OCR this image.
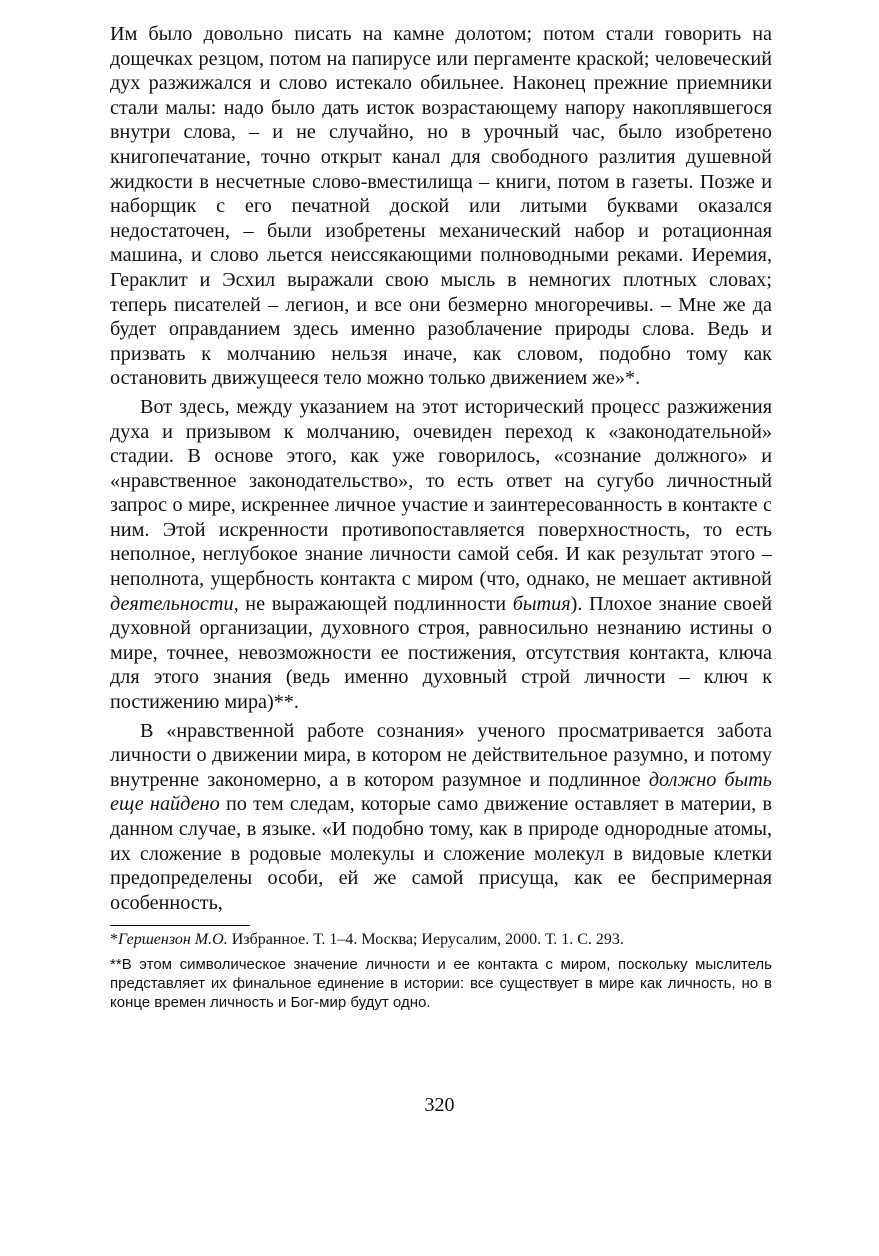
Им было довольно писать на камне долотом; потом стали говорить на дощечках резцом, потом на папирусе или пергаменте краской; человеческий дух разжижался и слово истекало обильнее. Наконец прежние приемники стали малы: надо было дать исток возрастающему напору накоплявшегося внутри слова, – и не случайно, но в урочный час, было изобретено книгопечатание, точно открыт канал для свободного разлития душевной жидкости в несчетные слово-вместилища – книги, потом в газеты. Позже и наборщик с его печатной доской или литыми буквами оказался недостаточен, – были изобретены механический набор и ротационная машина, и слово льется неиссякающими полноводными реками. Иеремия, Гераклит и Эсхил выражали свою мысль в немногих плотных словах; теперь писателей – легион, и все они безмерно многоречивы. – Мне же да будет оправданием здесь именно разоблачение природы слова. Ведь и призвать к молчанию нельзя иначе, как словом, подобно тому как остановить движущееся тело можно только движением же»*.

Вот здесь, между указанием на этот исторический процесс разжижения духа и призывом к молчанию, очевиден переход к «законодательной» стадии. В основе этого, как уже говорилось, «сознание должного» и «нравственное законодательство», то есть ответ на сугубо личностный запрос о мире, искреннее личное участие и заинтересованность в контакте с ним. Этой искренности противопоставляется поверхностность, то есть неполное, неглубокое знание личности самой себя. И как результат этого – неполнота, ущербность контакта с миром (что, однако, не мешает активной деятельности, не выражающей подлинности бытия). Плохое знание своей духовной организации, духовного строя, равносильно незнанию истины о мире, точнее, невозможности ее постижения, отсутствия контакта, ключа для этого знания (ведь именно духовный строй личности – ключ к постижению мира)**.

В «нравственной работе сознания» ученого просматривается забота личности о движении мира, в котором не действительное разумно, и потому внутренне закономерно, а в котором разумное и подлинное должно быть еще найдено по тем следам, которые само движение оставляет в материи, в данном случае, в языке. «И подобно тому, как в природе однородные атомы, их сложение в родовые молекулы и сложение молекул в видовые клетки предопределены особи, ей же самой присуща, как ее беспримерная особенность,

*Гершензон М.О. Избранное. Т. 1–4. Москва; Иерусалим, 2000. Т. 1. С. 293.

**В этом символическое значение личности и ее контакта с миром, поскольку мыслитель представляет их финальное единение в истории: все существует в мире как личность, но в конце времен личность и Бог-мир будут одно.

320
